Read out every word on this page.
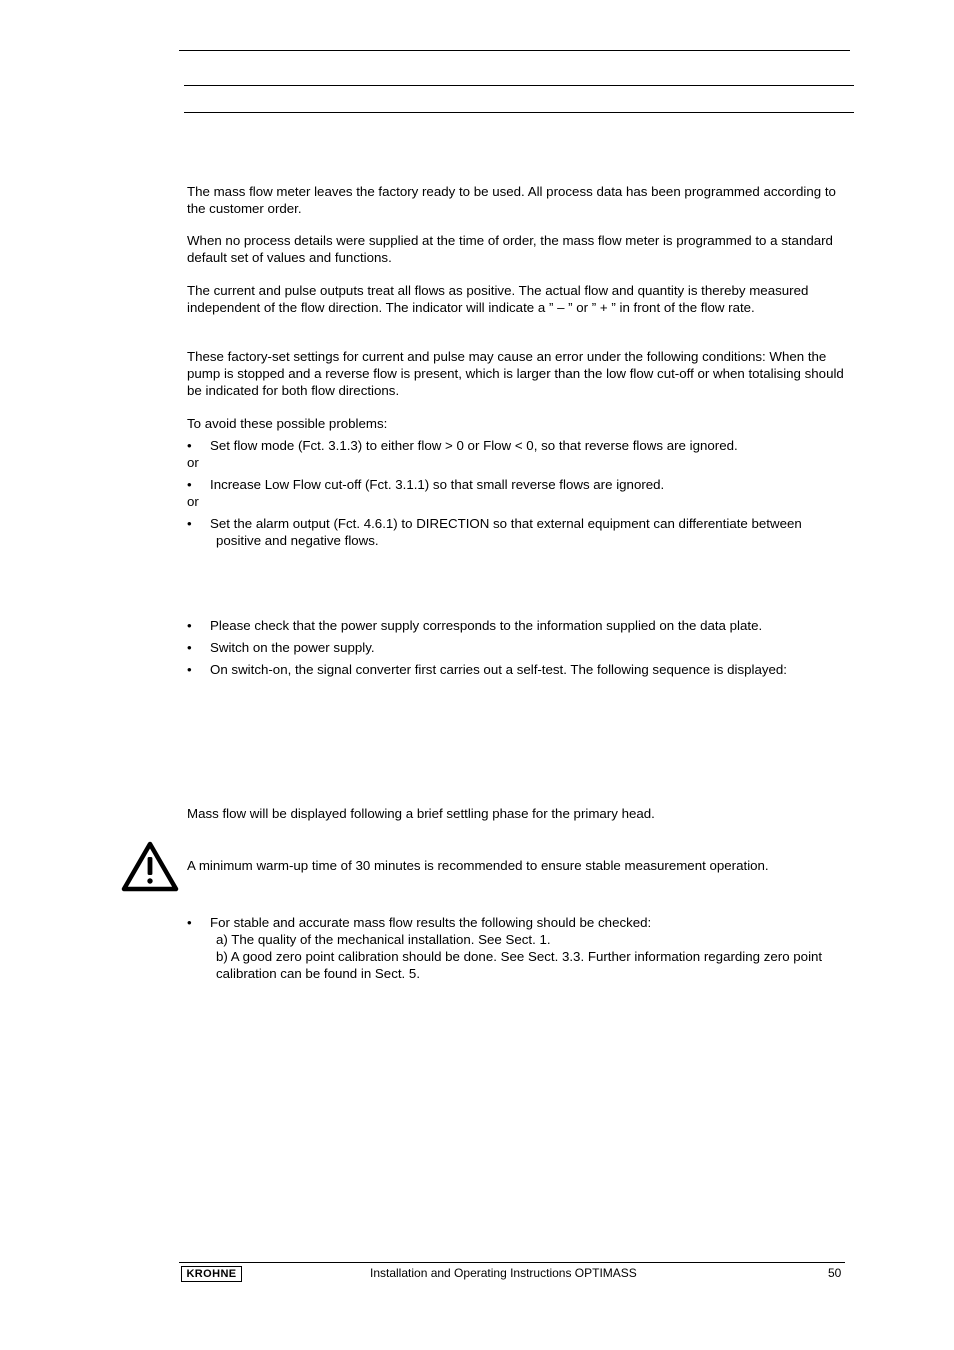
The mass flow meter leaves the factory ready to be used. All process data has been programmed according to the customer order.

When no process details were supplied at the time of order, the mass flow meter is programmed to a standard default set of values and functions.

The current and pulse outputs treat all flows as positive. The actual flow and quantity is thereby measured independent of the flow direction. The indicator will indicate a ” – ” or ” + ” in front of the flow rate.

These factory-set settings for current and pulse may cause an error under the following conditions: When the pump is stopped and a reverse flow is present, which is larger than the low flow cut-off or when totalising should be indicated for both flow directions.

To avoid these possible problems:

• Set flow mode (Fct. 3.1.3) to either flow > 0 or Flow < 0, so that reverse flows are ignored.

or

• Increase Low Flow cut-off (Fct. 3.1.1) so that small reverse flows are ignored.

or

• Set the alarm output (Fct. 4.6.1) to DIRECTION so that external equipment can differentiate between
positive and negative flows.
• Please check that the power supply corresponds to the information supplied on the data plate.
• Switch on the power supply.
• On switch-on, the signal converter first carries out a self-test. The following sequence is displayed:

Mass flow will be displayed following a brief settling phase for the primary head.

A minimum warm-up time of 30 minutes is recommended to ensure stable measurement operation.

• For stable and accurate mass flow results the following should be checked:
a) The quality of the mechanical installation. See Sect. 1.
b) A good zero point calibration should be done. See Sect. 3.3. Further information regarding zero point calibration can be found in Sect. 5.
KROHNE	Installation and Operating Instructions OPTIMASS	50
